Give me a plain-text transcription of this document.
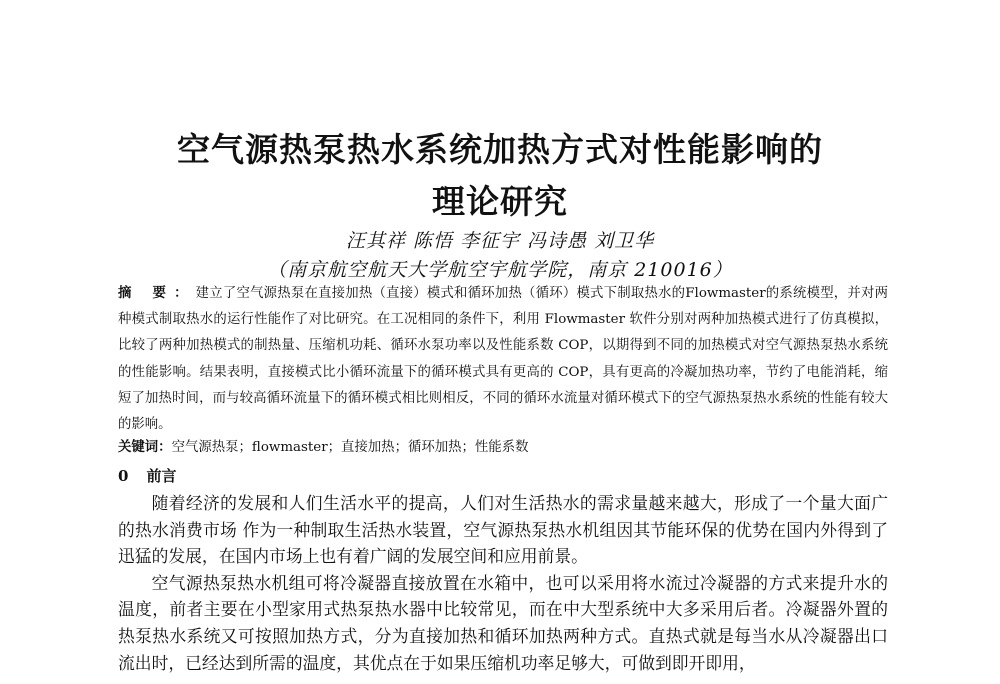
空气源热泵热水系统加热方式对性能影响的
理论研究
汪其祥 陈悟 李征宇 冯诗愚 刘卫华
（南京航空航天大学航空宇航学院，南京 210016）

摘 要：建立了空气源热泵在直接加热（直接）模式和循环加热（循环）模式下制取热水的Flowmaster的系统模型，并对两种模式制取热水的运行性能作了对比研究。在工况相同的条件下，利用 Flowmaster 软件分别对两种加热模式进行了仿真模拟，比较了两种加热模式的制热量、压缩机功耗、循环水泵功率以及性能系数 COP，以期得到不同的加热模式对空气源热泵热水系统的性能影响。结果表明，直接模式比小循环流量下的循环模式具有更高的 COP，具有更高的冷凝加热功率，节约了电能消耗，缩短了加热时间，而与较高循环流量下的循环模式相比则相反，不同的循环水流量对循环模式下的空气源热泵热水系统的性能有较大的影响。

关键词：空气源热泵；flowmaster；直接加热；循环加热；性能系数

0 前言

随着经济的发展和人们生活水平的提高，人们对生活热水的需求量越来越大，形成了一个量大面广的热水消费市场 作为一种制取生活热水装置，空气源热泵热水机组因其节能环保的优势在国内外得到了迅猛的发展，在国内市场上也有着广阔的发展空间和应用前景。

空气源热泵热水机组可将冷凝器直接放置在水箱中，也可以采用将水流过冷凝器的方式来提升水的温度，前者主要在小型家用式热泵热水器中比较常见，而在中大型系统中大多采用后者。冷凝器外置的热泵热水系统又可按照加热方式，分为直接加热和循环加热两种方式。直热式就是每当水从冷凝器出口流出时，已经达到所需的温度，其优点在于如果压缩机功率足够大，可做到即开即用，
